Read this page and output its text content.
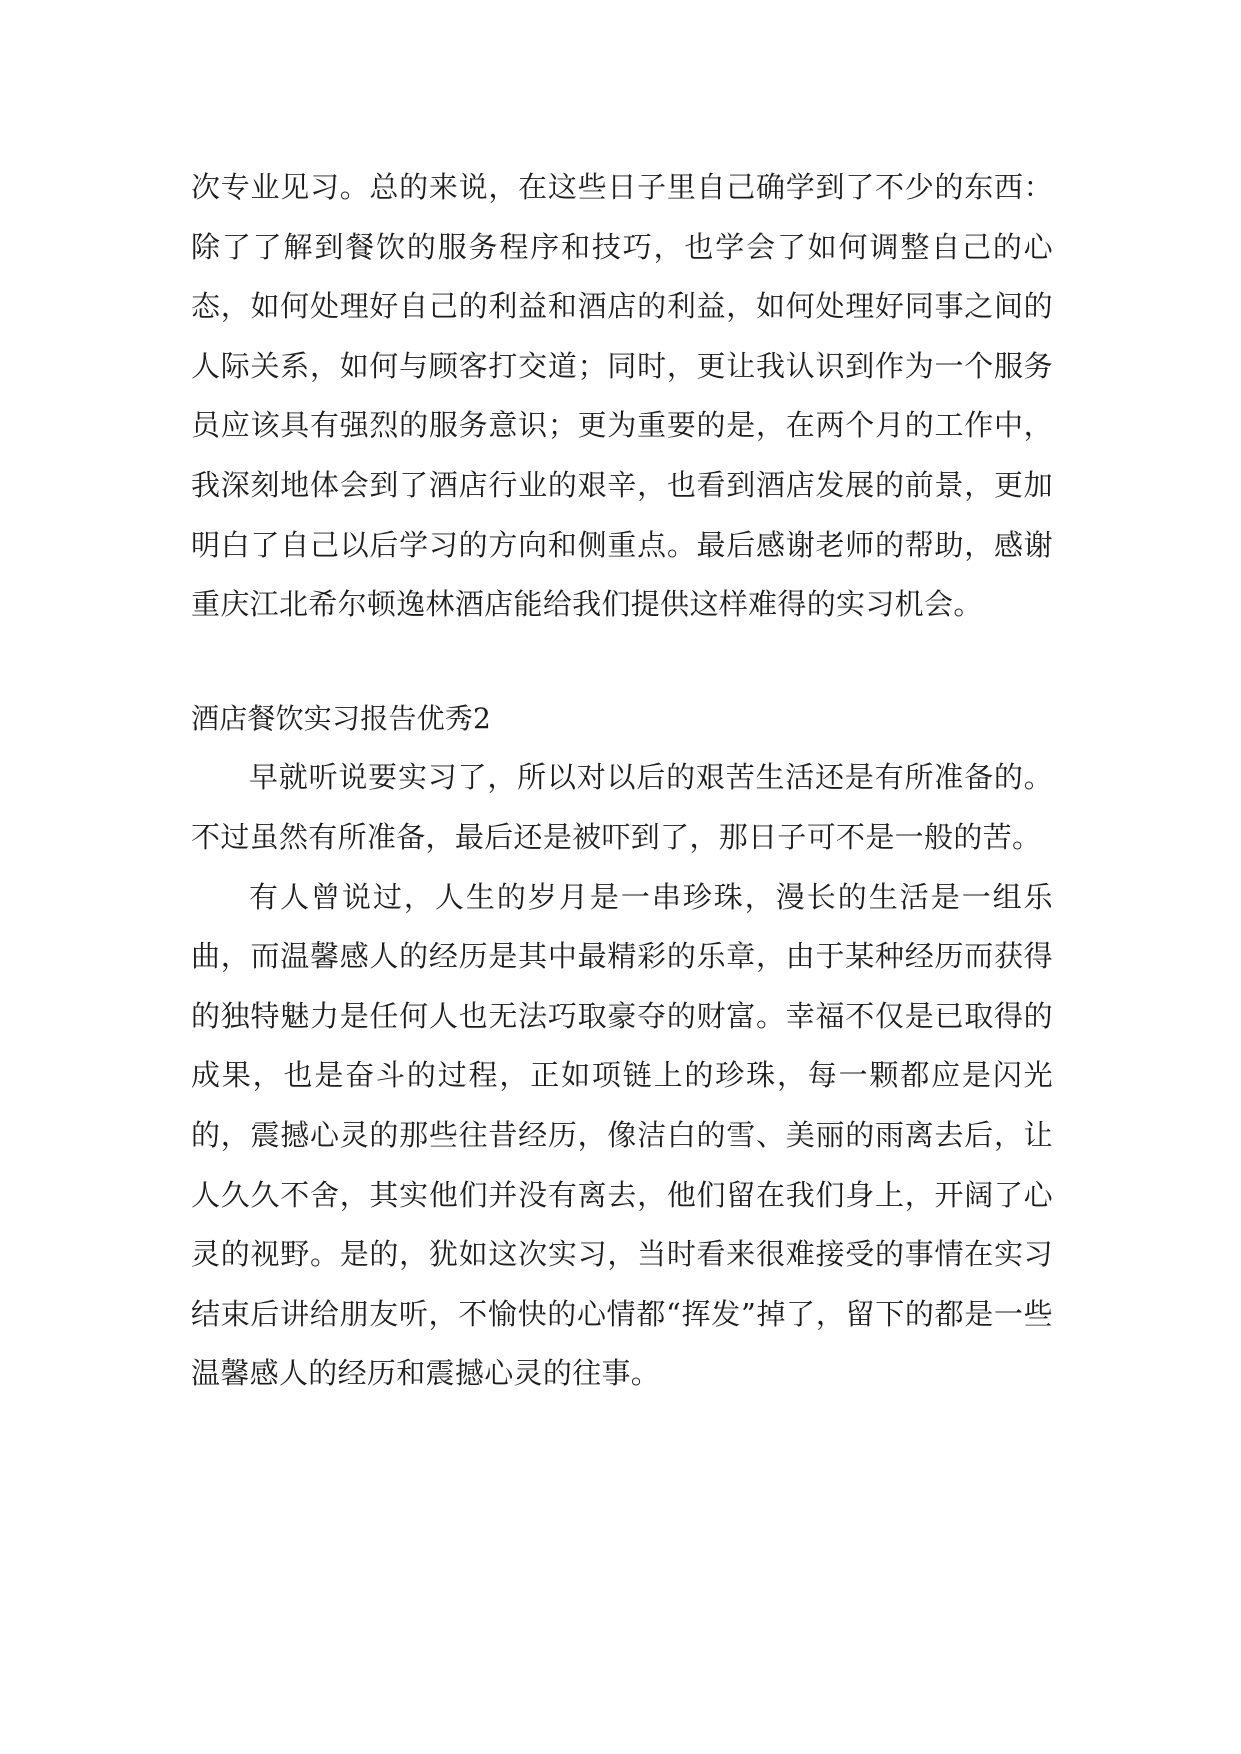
次专业见习。总的来说，在这些日子里自己确学到了不少的东西：除了了解到餐饮的服务程序和技巧，也学会了如何调整自己的心态，如何处理好自己的利益和酒店的利益，如何处理好同事之间的人际关系，如何与顾客打交道；同时，更让我认识到作为一个服务员应该具有强烈的服务意识；更为重要的是，在两个月的工作中，我深刻地体会到了酒店行业的艰辛，也看到酒店发展的前景，更加明白了自己以后学习的方向和侧重点。最后感谢老师的帮助，感谢重庆江北希尔顿逸林酒店能给我们提供这样难得的实习机会。

酒店餐饮实习报告优秀2

早就听说要实习了，所以对以后的艰苦生活还是有所准备的。不过虽然有所准备，最后还是被吓到了，那日子可不是一般的苦。

有人曾说过，人生的岁月是一串珍珠，漫长的生活是一组乐曲，而温馨感人的经历是其中最精彩的乐章，由于某种经历而获得的独特魅力是任何人也无法巧取豪夺的财富。幸福不仅是已取得的成果，也是奋斗的过程，正如项链上的珍珠，每一颗都应是闪光的，震撼心灵的那些往昔经历，像洁白的雪、美丽的雨离去后，让人久久不舍，其实他们并没有离去，他们留在我们身上，开阔了心灵的视野。是的，犹如这次实习，当时看来很难接受的事情在实习结束后讲给朋友听，不愉快的心情都“挥发”掉了，留下的都是一些温馨感人的经历和震撼心灵的往事。
